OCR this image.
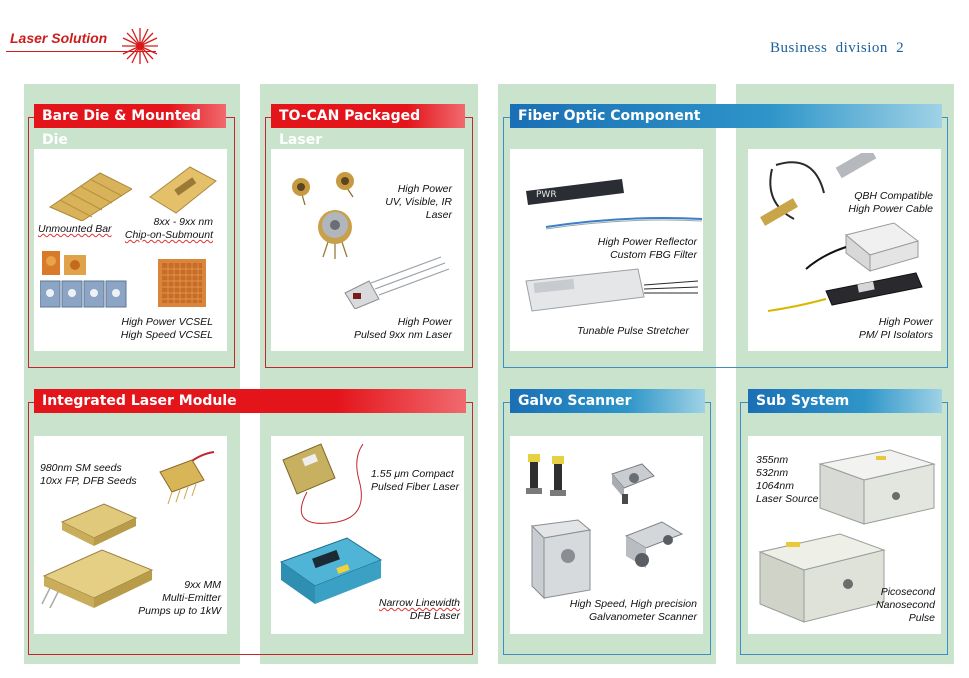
Laser Solution
Business division 2
Bare Die & Mounted Die
TO-CAN Packaged Laser
Fiber Optic Component
Integrated Laser Module	Galvo Scanner	Sub System
Unmounted Bar
8xx - 9xx nm
Chip-on-Submount
High Power VCSEL
High Speed VCSEL
High Power
UV, Visible, IR
Laser
High Power
Pulsed 9xx nm Laser
PWR
High Power Reflector
Custom FBG Filter
Tunable Pulse Stretcher
QBH Compatible
High Power Cable
High Power
PM/ PI Isolators
980nm SM seeds
10xx FP, DFB Seeds
9xx MM
Multi-Emitter
Pumps up to 1kW
1.55 μm Compact
Pulsed Fiber Laser
Narrow Linewidth
DFB Laser
High Speed, High precision
Galvanometer Scanner
355nm
532nm
1064nm
Laser Source
Picosecond
Nanosecond
Pulse
